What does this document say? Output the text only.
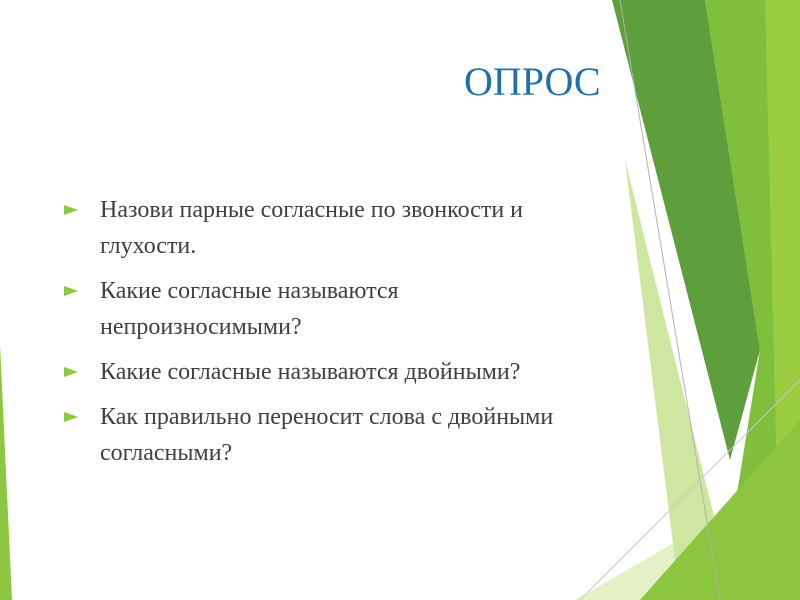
ОПРОС
Назови парные согласные по звонкости и глухости.
Какие согласные называются непроизносимыми?
Какие согласные называются двойными?
Как правильно переносит слова с двойными согласными?
